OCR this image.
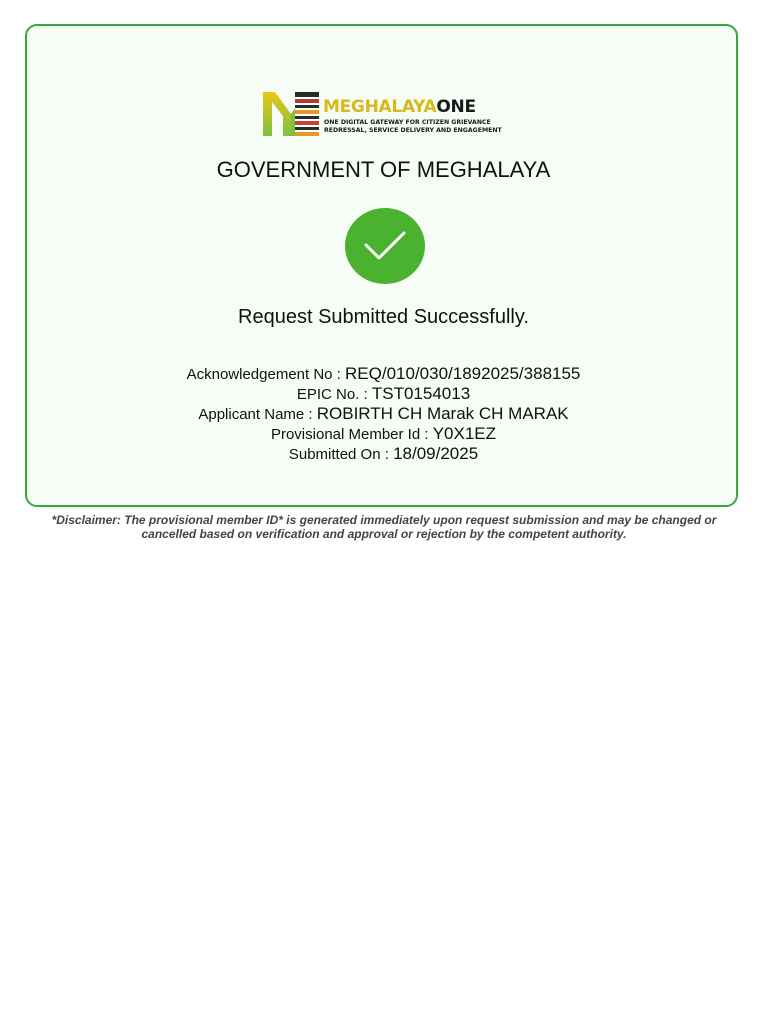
MEGHALAYAONE
ONE DIGITAL GATEWAY FOR CITIZEN GRIEVANCE
REDRESSAL, SERVICE DELIVERY AND ENGAGEMENT
GOVERNMENT OF MEGHALAYA
Request Submitted Successfully.
Acknowledgement No : REQ/010/030/1892025/388155
EPIC No. : TST0154013
Applicant Name : ROBIRTH CH Marak CH MARAK
Provisional Member Id : Y0X1EZ
Submitted On : 18/09/2025
*Disclaimer: The provisional member ID* is generated immediately upon request submission and may be changed or cancelled based on verification and approval or rejection by the competent authority.
